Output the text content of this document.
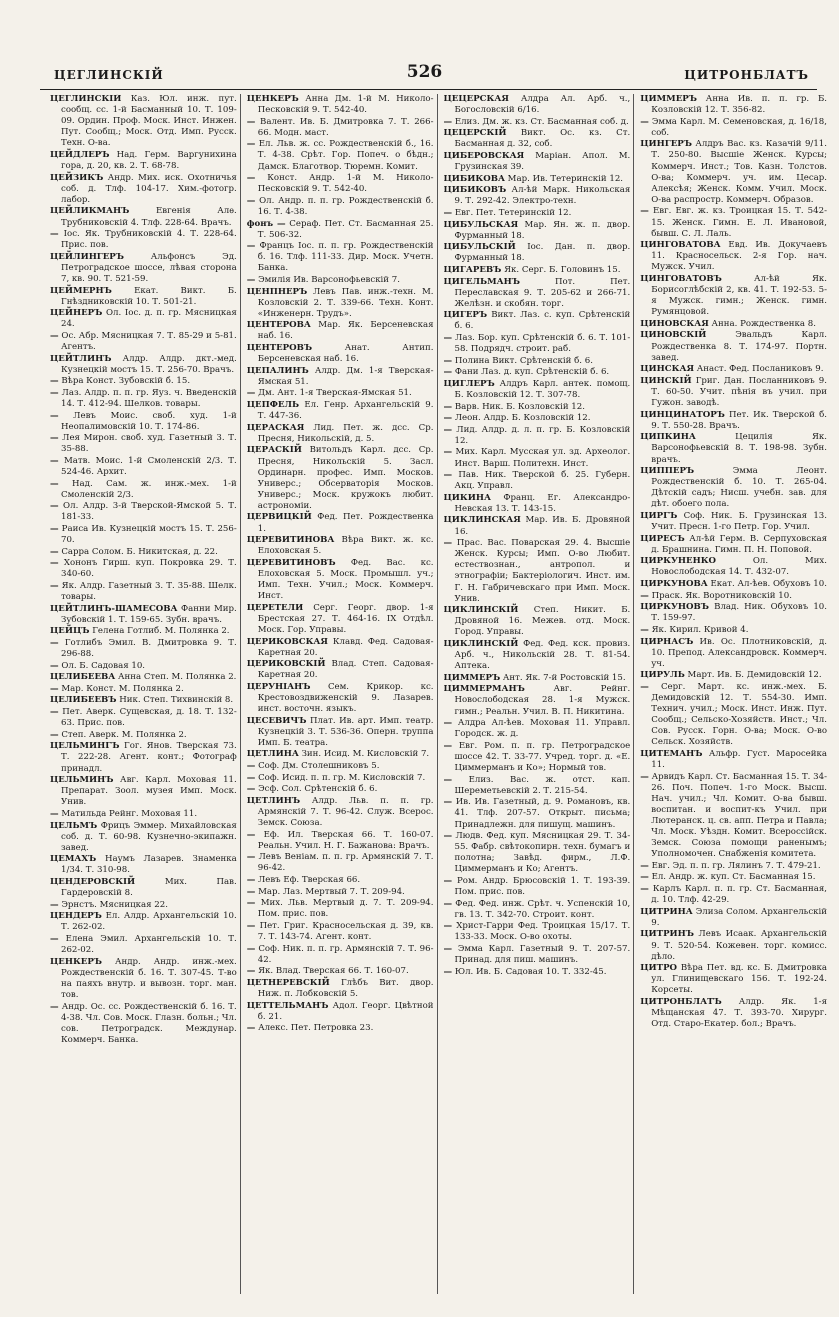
ЦЕГЛИНСКІЙ	526	ЦИТРОНБЛАТЪ
ЦЕГЛИНСКІЙ Каз. Юл. инж. пут. сообщ. сс. 1-й Басманный 10. Т. 109-09. Ордин. Проф. Моск. Инст. Инжен. Пут. Сообщ.; Моск. Отд. Имп. Русск. Техн. О-ва.
ЦЕЙДЛЕРЪ Над. Герм. Варгунихина гора, д. 20, кв. 2. Т. 68-78.
ЦЕЙЗИКЪ Андр. Мих. иск. Охотничья соб. д. Тлф. 104-17. Хим.-фотогр. лабор.
ЦЕЙЛИКМАНЪ Евгенія Алѳ. Трубниковскій 4. Тлф. 228-64. Врачъ.
— Іос. Як. Трубниковскій 4. Т. 228-64. Прис. пов.
ЦЕЙЛИНГЕРЪ Альфонсъ Эд. Петроградское шоссе, лѣвая сторона 7, кв. 90. Т. 521-59.
ЦЕЙМЕРНЪ Екат. Викт. Б. Гнѣздниковскій 10. Т. 501-21.
ЦЕЙНЕРЪ Ол. Іос. д. п. гр. Мясницкая 24.
— Ос. Абр. Мясницкая 7. Т. 85-29 и 5-81. Агентъ.
ЦЕЙТЛИНЪ Алдр. Алдр. дкт.-мед. Кузнецкій мостъ 15. Т. 256-70. Врачъ.
— Вѣра Конст. Зубовскій б. 15.
— Лаз. Алдр. п. п. гр. Яуз. ч. Введенскій 14. Т. 412-94. Шелков. товары.
— Левъ Моис. своб. худ. 1-й Неопалимовскій 10. Т. 174-86.
— Лея Мирон. своб. худ. Газетный 3. Т. 35-88.
— Матв. Моис. 1-й Смоленскій 2/3. Т. 524-46. Архит.
— Над. Сам. ж. инж.-мех. 1-й Смоленскій 2/3.
— Ол. Алдр. 3-й Тверской-Ямской 5. Т. 181-33.
— Раиса Ив. Кузнецкій мостъ 15. Т. 256-70.
— Сарра Солом. Б. Никитская, д. 22.
— Хононъ Гирш. куп. Покровка 29. Т. 340-60.
— Як. Алдр. Газетный 3. Т. 35-88. Шелк. товары.
ЦЕЙТЛИНЪ-ШАМЕСОВА Фанни Мир. Зубовскій 1. Т. 159-65. Зубн. врачъ.
ЦЕЙЦЪ Гелена Готлиб. М. Полянка 2.
— Готлибъ Эмил. В. Дмитровка 9. Т. 296-88.
— Ол. Б. Садовая 10.
ЦЕЛИБЕЕВА Анна Степ. М. Полянка 2.
— Мар. Конст. М. Полянка 2.
ЦЕЛИБЕЕВЪ Ник. Степ. Тихвинскій 8.
— Пет. Аверк. Сущевская, д. 18. Т. 132-63. Прис. пов.
— Степ. Аверк. М. Полянка 2.
ЦЕЛЬМИНГЪ Гог. Янов. Тверская 73. Т. 222-28. Агент. конт.; Фотограф принадл.
ЦЕЛЬМИНЪ Авг. Карл. Моховая 11. Препарат. Зоол. музея Имп. Моск. Унив.
— Матильда Рейнг. Моховая 11.
ЦЕЛЬМЪ Фрицъ Эммер. Михайловская соб. д. Т. 60-98. Кузнечно-экипажн. завед.
ЦЕМАХЪ Наумъ Лазарев. Знаменка 1/34. Т. 310-98.
ЦЕНДЕРОВСКІЙ Мих. Пав. Гардеровскій 8.
— Эрнстъ. Мясницкая 22.
ЦЕНДЕРЪ Ел. Алдр. Архангельскій 10. Т. 262-02.
— Елена Эмил. Архангельскій 10. Т. 262-02.
ЦЕНКЕРЪ Андр. Андр. инж.-мех. Рождественскій б. 16. Т. 307-45. Т-во на паяхъ внутр. и вывозн. торг. ман. тов.
— Андр. Ос. сс. Рождественскій б. 16. Т. 4-38. Чл. Сов. Моск. Глазн. больн.; Чл. сов. Петроградск. Междунар. Коммерч. Банка.
ЦЕНКЕРЪ Анна Дм. 1-й М. Николо-Песковскій 9. Т. 542-40.
— Валент. Ив. Б. Дмитровка 7. Т. 266-66. Модн. маст.
— Ел. Льв. ж. сс. Рождественскій б., 16. Т. 4-38. Срѣт. Гор. Попеч. о бѣдн.; Дамск. Благотвор. Тюремн. Комит.
— Конст. Андр. 1-й М. Николо-Песковскій 9. Т. 542-40.
— Ол. Андр. п. п. гр. Рождественскій б. 16. Т. 4-38.
фонъ — Сераф. Пет. Ст. Басманная 25. Т. 506-32.
— Францъ Іос. п. п. гр. Рождественскій б. 16. Тлф. 111-33. Дир. Моск. Учетн. Банка.
— Эмилія Ив. Варсонофьевскій 7.
ЦЕНПНЕРЪ Левъ Пав. инж.-техн. М. Козловскій 2. Т. 339-66. Техн. Конт. «Инженерн. Трудъ».
ЦЕНТЕРОВА Мар. Як. Берсеневская наб. 16.
ЦЕНТЕРОВЪ Анат. Антип. Берсеневская наб. 16.
ЦЕПАЛИНЪ Алдр. Дм. 1-я Тверская-Ямская 51.
— Дм. Ант. 1-я Тверская-Ямская 51.
ЦЕПФЕЛЬ Ел. Генр. Архангельскій 9. Т. 447-36.
ЦЕРАСКАЯ Лид. Пет. ж. дсс. Ср. Пресня, Никольскій, д. 5.
ЦЕРАСКІЙ Витольдъ Карл. дсс. Ср. Пресня, Никольскій 5. Засл. Ординарн. профес. Имп. Москов. Универс.; Обсерваторія Москов. Универс.; Моск. кружокъ любит. астрономіи.
ЦЕРВИЦКІЙ Фед. Пет. Рождественка 1.
ЦЕРЕВИТИНОВА Вѣра Викт. ж. кс. Елоховская 5.
ЦЕРЕВИТИНОВЪ Фед. Вас. кс. Елоховская 5. Моск. Промышл. уч.; Имп. Техн. Учил.; Моск. Коммерч. Инст.
ЦЕРЕТЕЛИ Серг. Георг. двор. 1-я Брестская 27. Т. 464-16. IX Отдѣл. Моск. Гор. Управы.
ЦЕРИКОВСКАЯ Клавд. Фед. Садовая-Каретная 20.
ЦЕРИКОВСКІЙ Влад. Степ. Садовая-Каретная 20.
ЦЕРУНІАНЪ Сем. Крикор. кс. Крестовоздвиженскій 9. Лазарев. инст. восточн. языкъ.
ЦЕСЕВИЧЪ Плат. Ив. арт. Имп. театр. Кузнецкій 3. Т. 536-36. Оперн. труппа Имп. Б. театра.
ЦЕТЛИНА Зин. Исид. М. Кисловскій 7.
— Соф. Дм. Столешниковъ 5.
— Соф. Исид. п. п. гр. М. Кисловскій 7.
— Эсф. Сол. Срѣтенскій б. 6.
ЦЕТЛИНЪ Алдр. Льв. п. п. гр. Армянскій 7. Т. 96-42. Служ. Всерос. Земск. Союза.
— Еф. Ил. Тверская 66. Т. 160-07. Реальн. Учил. Н. Г. Бажанова: Врачъ.
— Левъ Веніам. п. п. гр. Армянскій 7. Т. 96-42.
— Левъ Еф. Тверская 66.
— Мар. Лаз. Мертвый 7. Т. 209-94.
— Мих. Льв. Мертвый д. 7. Т. 209-94. Пом. прис. пов.
— Пет. Григ. Красносельская д. 39, кв. 7. Т. 143-74. Агент. конт.
— Соф. Ник. п. п. гр. Армянскій 7. Т. 96-42.
— Як. Влад. Тверская 66. Т. 160-07.
ЦЕТНЕРЕВСКІЙ Глѣбъ Вит. двор. Ниж. п. Лобковскій 5.
ЦЕТТЕЛЬМАНЪ Адол. Георг. Цвѣтной б. 21.
— Алекс. Пет. Петровка 23.
ЦЕЦЕРСКАЯ Алдра Ал. Арб. ч., Богословскій 6/16.
— Елиз. Дм. ж. кз. Ст. Басманная соб. д.
ЦЕЦЕРСКІЙ Викт. Ос. кз. Ст. Басманная д. 32, соб.
ЦИБЕРОВСКАЯ Маріан. Апол. М. Грузинская 39.
ЦИБИКОВА Мар. Ив. Тетеринскій 12.
ЦИБИКОВЪ Ал-ѣй Марк. Никольская 9. Т. 292-42. Электро-техн.
— Евг. Пет. Тетеринскій 12.
ЦИБУЛЬСКАЯ Мар. Ян. ж. п. двор. Фурманный 18.
ЦИБУЛЬСКІЙ Іос. Дан. п. двор. Фурманный 18.
ЦИГАРЕВЪ Як. Серг. Б. Головинъ 15.
ЦИГЕЛЬМАНЪ Пот. Пет. Переславская 9. Т. 205-62 и 266-71. Желѣзн. и скобян. торг.
ЦИГЕРЪ Викт. Лаз. с. куп. Срѣтенскій б. 6.
— Лаз. Бор. куп. Срѣтенскій б. 6. Т. 101-58. Подрядч. строит. раб.
— Полина Викт. Срѣтенскій б. 6.
— Фани Лаз. д. куп. Срѣтенскій б. 6.
ЦИГЛЕРЪ Алдръ Карл. антек. помощ. Б. Козловскій 12. Т. 307-78.
— Варв. Ник. Б. Козловскій 12.
— Леон. Алдр. Б. Козловскій 12.
— Лид. Алдр. д. л. п. гр. Б. Козловскій 12.
— Мих. Карл. Мусская ул. зд. Археолог. Инст. Варш. Политехн. Инст.
— Пав. Ник. Тверской б. 25. Губерн. Акц. Управл.
ЦИКИНА Франц. Ег. Александро-Невская 13. Т. 143-15.
ЦИКЛИНСКАЯ Мар. Ив. Б. Дровяной 16.
— Прас. Вас. Поварская 29. 4. Высшіе Женск. Курсы; Имп. О-во Любит. естествознан., антропол. и этнографіи; Бактеріологич. Инст. им. Г. Н. Габричевскаго при Имп. Моск. Унив.
ЦИКЛИНСКІЙ Степ. Никит. Б. Дровяной 16. Межев. отд. Моск. Город. Управы.
ЦИКЛИНСКІЙ Фед. Фед. кск. провиз. Арб. ч., Никольскій 28. Т. 81-54. Аптека.
ЦИММЕРЪ Ант. Як. 7-й Ростовскій 15.
ЦИММЕРМАНЪ Авг. Рейнг. Новослободская 28. 1-я Мужск. гимн.; Реальн. Учил. В. П. Никитина.
— Алдра Ал-ѣев. Моховая 11. Управл. Городск. ж. д.
— Евг. Ром. п. п. гр. Петроградское шоссе 42. Т. 33-77. Учред. торг. д. «Е. Циммерманъ и Ко»; Нормый тов.
— Елиз. Вас. ж. отст. кап. Шереметьевскій 2. Т. 215-54.
— Ив. Ив. Газетный, д. 9. Романовъ, кв. 41. Тлф. 207-57. Открыт. письма; Принадлежн. для пишущ. машинъ.
— Людв. Фед. куп. Мясницкая 29. Т. 34-55. Фабр. свѣтокопирн. техн. бумагъ и полотна; Завѣд. фирм., Л.Ф. Циммерманъ и Ко; Агентъ.
— Ром. Андр. Брюсовскій 1. Т. 193-39. Пом. прис. пов.
— Фед. Фед. инж. Срѣт. ч. Успенскій 10, гв. 13. Т. 342-70. Строит. конт.
— Христ-Гарри Фед. Троицкая 15/17. Т. 133-33. Моск. О-во охоты.
— Эмма Карл. Газетный 9. Т. 207-57. Принад. для пиш. машинъ.
— Юл. Ив. Б. Садовая 10. Т. 332-45.
ЦИММЕРЪ Анна Ив. п. п. гр. Б. Козловскій 12. Т. 356-82.
— Эмма Карл. М. Семеновская, д. 16/18, соб.
ЦИНГЕРЪ Алдръ Вас. кз. Казачій 9/11. Т. 250-80. Высшіе Женск. Курсы; Коммерч. Инст.; Тов. Казн. Толстов. О-ва; Коммерч. уч. им. Цесар. Алексѣя; Женск. Комм. Учил. Моск. О-ва распростр. Коммерч. Образов.
— Евг. Евг. ж. кз. Троицкая 15. Т. 542-15. Женск. Гимн. Е. Л. Ивановой, бывш. С. Л. Лаль.
ЦИНГОВАТОВА Евд. Ив. Докучаевъ 11. Красносельск. 2-я Гор. нач. Мужск. Учил.
ЦИНГОВАТОВЪ Ал-ѣй Як. Борисоглѣбскій 2, кв. 41. Т. 192-53. 5-я Мужск. гимн.; Женск. гимн. Румянцовой.
ЦИНОВСКАЯ Анна. Рождественка 8.
ЦИНОВСКІЙ Эвальдъ Карл. Рождественка 8. Т. 174-97. Портн. завед.
ЦИНСКАЯ Анаст. Фед. Посланиковъ 9.
ЦИНСКІЙ Григ. Дан. Посланниковъ 9. Т. 60-50. Учит. пѣнія въ учил. при Гужон. заводѣ.
ЦИНЦИНАТОРЪ Пет. Ик. Тверской б. 9. Т. 550-28. Врачъ.
ЦИПКИНА Цецилія Як. Варсонофьевскій 8. Т. 198-98. Зубн. врачъ.
ЦИППЕРЪ Эмма Леонт. Рождественскій б. 10. Т. 265-04. Дѣтскій садъ; Нисш. учебн. зав. для дѣт. обоего пола.
ЦИРГЪ Соф. Ник. Б. Грузинская 13. Учит. Пресн. 1-го Петр. Гор. Учил.
ЦИРЕСЪ Ал-ѣй Герм. В. Серпуховская д. Брашнина. Гимн. П. Н. Поповой.
ЦИРКУНЕНКО Ол. Мих. Новослободская 14. Т. 432-07.
ЦИРКУНОВА Екат. Ал-ѣев. Обуховъ 10.
— Праск. Як. Воротниковскій 10.
ЦИРКУНОВЪ Влад. Ник. Обуховъ 10. Т. 159-97.
— Як. Кирил. Кривой 4.
ЦИРНАСЪ Ив. Ос. Плотниковскій, д. 10. Препод. Александровск. Коммерч. уч.
ЦИРУЛЬ Март. Ив. Б. Демидовскій 12.
— Серг. Март. кс. инж.-мех. Б. Демидовскій 12. Т. 554-30. Имп. Технич. учил.; Моск. Инст. Инж. Пут. Сообщ.; Сельско-Хозяйств. Инст.; Чл. Сов. Русск. Горн. О-ва; Моск. О-во Сельск. Хозяйств.
ЦИТЕМАНЪ Альфр. Густ. Маросейка 11.
— Арвидъ Карл. Ст. Басманная 15. Т. 34-26. Поч. Попеч. 1-го Моск. Высш. Нач. учил.; Чл. Комит. О-ва бывш. воспитан. и воспит-къ Учил. при Лютеранск. ц. св. апп. Петра и Павла; Чл. Моск. Уѣздн. Комит. Всероссійск. Земск. Союза помощи раненымъ; Уполномочен. Снабженія комитета.
— Евг. Эд. п. п. гр. Лялинъ 7. Т. 479-21.
— Ел. Андр. ж. куп. Ст. Басманная 15.
— Карлъ Карл. п. п. гр. Ст. Басманная, д. 10. Тлф. 42-29.
ЦИТРИНА Элиза Солом. Архангельскій 9.
ЦИТРИНЪ Левъ Исаак. Архангельскій 9. Т. 520-54. Кожевен. торг. комисс. дѣло.
ЦИТРО Вѣра Пет. вд. кс. Б. Дмитровка ул. Глинищевскаго 156. Т. 192-24. Корсеты.
ЦИТРОНБЛАТЪ Алдр. Як. 1-я Мѣщанская 47. Т. 393-70. Хирург. Отд. Старо-Екатер. бол.; Врачъ.
